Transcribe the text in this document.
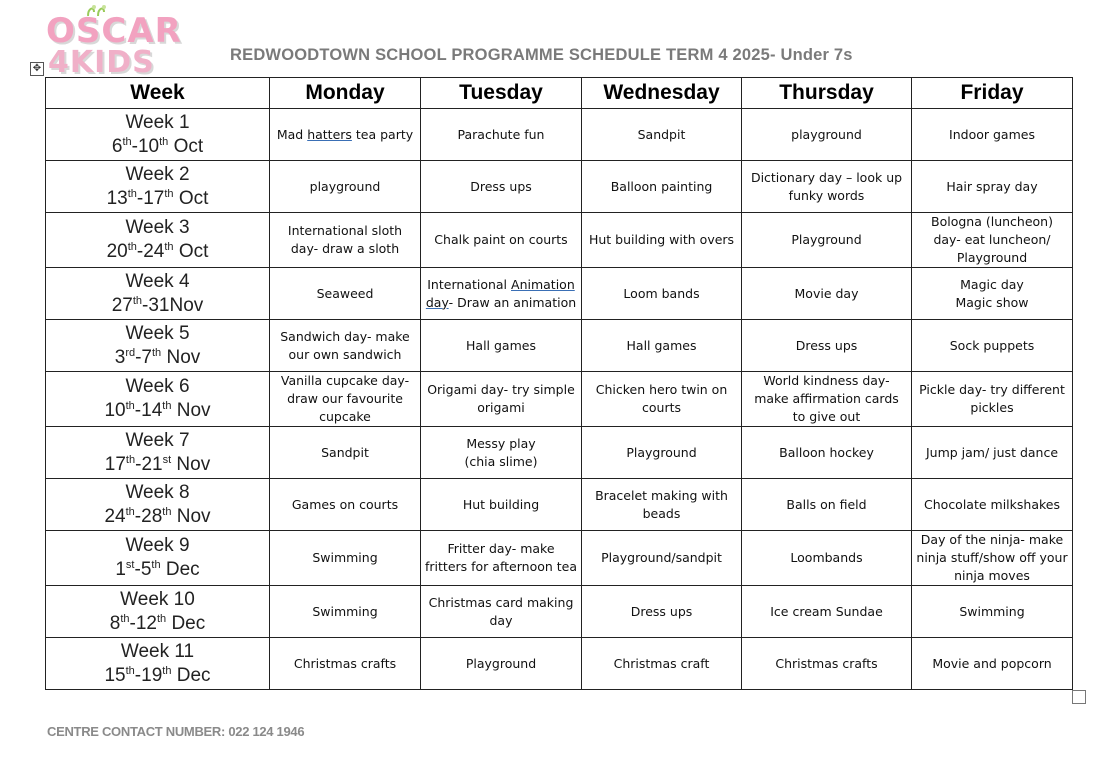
OSCAR
4KIDS	REDWOODTOWN SCHOOL PROGRAMME SCHEDULE TERM 4 2025- Under 7s
✥
Week	Monday	Tuesday	Wednesday	Thursday	Friday

Week 1
6th-10th Oct	Mad hatters tea party	Parachute fun	Sandpit	playground	Indoor games

Week 2
13th-17th Oct	playground	Dress ups	Balloon painting	Dictionary day – look up funky words	Hair spray day

Week 3
20th-24th Oct	International sloth day- draw a sloth	Chalk paint on courts	Hut building with overs	Playground	Bologna (luncheon) day- eat luncheon/ Playground

Week 4
27th-31Nov	Seaweed	International Animation day- Draw an animation	Loom bands	Movie day	Magic day
Magic show

Week 5
3rd-7th Nov	Sandwich day- make our own sandwich	Hall games	Hall games	Dress ups	Sock puppets

Week 6
10th-14th Nov	Vanilla cupcake day- draw our favourite cupcake	Origami day- try simple origami	Chicken hero twin on courts	World kindness day- make affirmation cards to give out	Pickle day- try different pickles

Week 7
17th-21st Nov	Sandpit	Messy play
(chia slime)	Playground	Balloon hockey	Jump jam/ just dance

Week 8
24th-28th Nov	Games on courts	Hut building	Bracelet making with beads	Balls on field	Chocolate milkshakes

Week 9
1st-5th Dec	Swimming	Fritter day- make fritters for afternoon tea	Playground/sandpit	Loombands	Day of the ninja- make ninja stuff/show off your ninja moves

Week 10
8th-12th Dec	Swimming	Christmas card making day	Dress ups	Ice cream Sundae	Swimming

Week 11
15th-19th Dec	Christmas crafts	Playground	Christmas craft	Christmas crafts	Movie and popcorn
CENTRE CONTACT NUMBER: 022 124 1946
